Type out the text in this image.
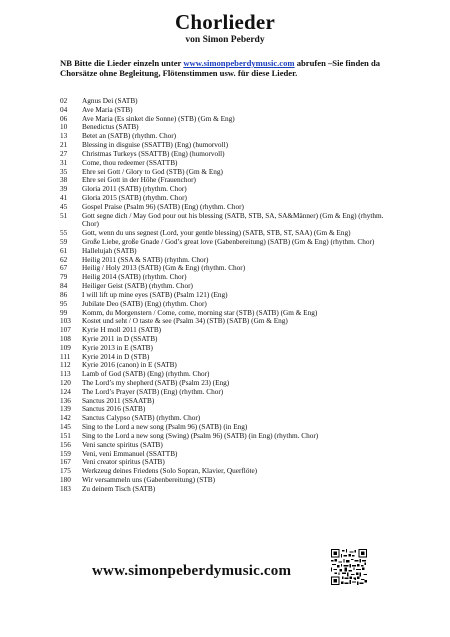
Chorlieder
von Simon Peberdy
NB Bitte die Lieder einzeln unter www.simonpeberdymusic.com abrufen –Sie finden da Chorsätze ohne Begleitung, Flötenstimmen usw. für diese Lieder.
02	Agnus Dei (SATB)
04	Ave Maria (STB)
06	Ave Maria (Es sinket die Sonne) (STB) (Gm & Eng)
10	Benedictus (SATB)
13	Betet an (SATB) (rhythm. Chor)
21	Blessing in disguise (SSATTB) (Eng) (humorvoll)
27	Christmas Turkeys (SSATTB) (Eng) (humorvoll)
31	Come, thou redeemer (SSATTB)
35	Ehre sei Gott / Glory to God (STB) (Gm & Eng)
38	Ehre sei Gott in der Höhe (Frauenchor)
39	Gloria 2011 (SATB) (rhythm. Chor)
41	Gloria 2015 (SATB) (rhythm. Chor)
45	Gospel Praise (Psalm 96) (SATB) (Eng) (rhythm. Chor)
51 Gott segne dich / May God pour out his blessing (SATB, STB, SA, SA&Männer) (Gm & Eng) (rhythm. Chor)
55	Gott, wenn du uns segnest (Lord, your gentle blessing) (SATB, STB, ST, SAA) (Gm & Eng)
59 Große Liebe, große Gnade / God’s great love (Gabenbereitung) (SATB) (Gm & Eng) (rhythm. Chor)
61	Hallelujah (SATB)
62	Heilig 2011 (SSA & SATB) (rhythm. Chor)
67	Heilig / Holy 2013 (SATB) (Gm & Eng) (rhythm. Chor)
79	Heilig 2014 (SATB) (rhythm. Chor)
84	Heiliger Geist (SATB) (rhythm. Chor)
86	I will lift up mine eyes (SATB) (Psalm 121) (Eng)
95	Jubilate Deo (SATB) (Eng) (rhythm. Chor)
99	Komm, du Morgenstern / Come, come, morning star (STB) (SATB) (Gm & Eng)
103	Kostet und seht / O taste & see (Psalm 34) (STB) (SATB) (Gm & Eng)
107	Kyrie H moll 2011 (SATB)
108	Kyrie 2011 in D (SSATB)
109	Kyrie 2013 in E (SATB)
111	Kyrie 2014 in D (STB)
112	Kyrie 2016 (canon) in E (SATB)
113	Lamb of God (SATB) (Eng) (rhythm. Chor)
120	The Lord’s my shepherd (SATB) (Psalm 23) (Eng)
124	The Lord’s Prayer (SATB) (Eng) (rhythm. Chor)
136	Sanctus 2011 (SSAATB)
139	Sanctus 2016 (SATB)
142	Sanctus Calypso (SATB) (rhythm. Chor)
145	Sing to the Lord a new song (Psalm 96) (SATB) (in Eng)
151	Sing to the Lord a new song (Swing) (Psalm 96) (SATB) (in Eng) (rhythm. Chor)
156	Veni sancte spiritus (SATB)
159	Veni, veni Emmanuel (SSATTB)
167	Veni creator spiritus (SATB)
175	Werkzeug deines Friedens (Solo Sopran, Klavier, Querflöte)
180	Wir versammeln uns (Gabenbereitung) (STB)
183	Zu deinem Tisch (SATB)
www.simonpeberdymusic.com
